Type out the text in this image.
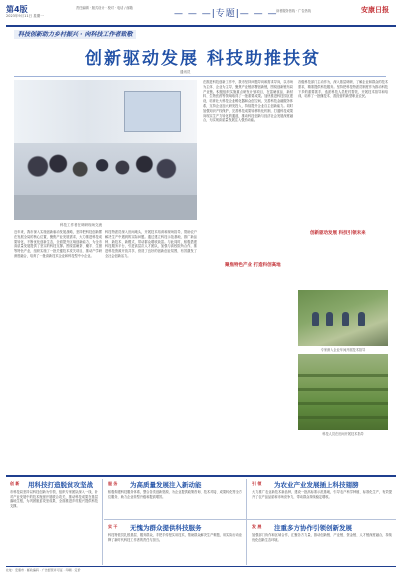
第4版
2023年9月11日 星期一
责任编辑 · 版式设计 · 校对 · 电话 / 邮箱
— — —|专题|— — —
读者服务热线 · 广告热线	安康日报
科技创新助力乡村振兴 · 向科技工作者致敬
创新驱动发展 科技助推扶贫
通讯员
科技工作者在调研现场交流
近年来，我市深入实施创新驱动发展战略，坚持把科技创新摆在发展全局的核心位置，聚焦产业发展需求，大力推进科技成果转化，不断优化创新生态，全面提升区域创新能力，为全市高质量发展提供了坚实的科技支撑。围绕富硒茶、魔芋、生猪等特色产业，组织实施了一批关键技术攻关项目，推动产学研深度融合，培育了一批高新技术企业和科技型中小企业。
科技特派员深入田间地头，开展技术培训和现场指导，帮助农户解决生产中遇到的实际问题。通过建立科技示范基地，推广新品种、新技术、新模式，带动群众增收致富。与此同时，积极搭建科技服务平台，引进高层次人才团队，加强与高校院所合作，推进科技资源开放共享，营造了良好的创新创业氛围，有效激发了全社会创新活力。
在推进科技创新工作中，我市坚持问题导向和需求导向，以市场为主体、企业为主导，聚焦产业链部署创新链，围绕创新链布局产业链。积极组织实施重点研发计划项目，在富硒食品、新材料、生物医药等领域取得了一批重要成果。加快推进科技园区建设，培育壮大科技企业孵化器和众创空间，完善科技金融服务体系，支持企业加大研发投入，持续提升企业自主创新能力。同时加强知识产权保护，完善科技成果转移转化机制，打通科技成果向现实生产力转化的通道，推动科技创新与经济社会发展深度融合，为实现高质量发展注入强劲动能。
聚焦特色产业 打造科创高地
各级科技部门主动作为，深入基层调研，了解企业和群众的技术需求，精准提供科技服务。坚持把科技特派员制度作为推动科技下乡的重要抓手，选派科技人员驻村帮扶，开展技术指导和培训，培养了一批懂技术、善经营的新型职业农民。
创新驱动发展 科技引领未来
专家深入企业车间开展技术指导
科技人员在田间开展技术指导
创 新 用科技打造脱贫攻坚战
市科技局坚持以科技创新为引领，组织专家团队深入一线，针对产业发展中的技术瓶颈开展联合攻关，推动科技成果在基层落地生根，为巩固脱贫攻坚成果、全面推进乡村振兴提供科技支撑。
服 务 为高质量发展注入新动能
积极构建科技服务体系，整合各类创新资源，为企业提供政策咨询、技术对接、成果转化等全方位服务，助力企业转型升级和提质增效。
引 领 为农业产业发展插上科技翅膀
大力推广农业新技术新品种，建设一批高标准示范基地，引导农户科学种植、标准化生产，有效提升了农产品品质和市场竞争力，带动群众持续稳定增收。
实 干 无愧为群众提供科技服务
科技特派员扎根基层、服务群众，手把手传授实用技术，帮助群众解决生产难题，用实际行动诠释了新时代科技工作者的责任与担当。
发 展 注重多方协作引领创新发展
加强部门协作和区域合作，汇聚各方力量，推动创新链、产业链、资金链、人才链深度融合，持续优化创新生态环境。
社址：安康市 · 邮政编码 · 广告经营许可证 · 印刷 · 定价
